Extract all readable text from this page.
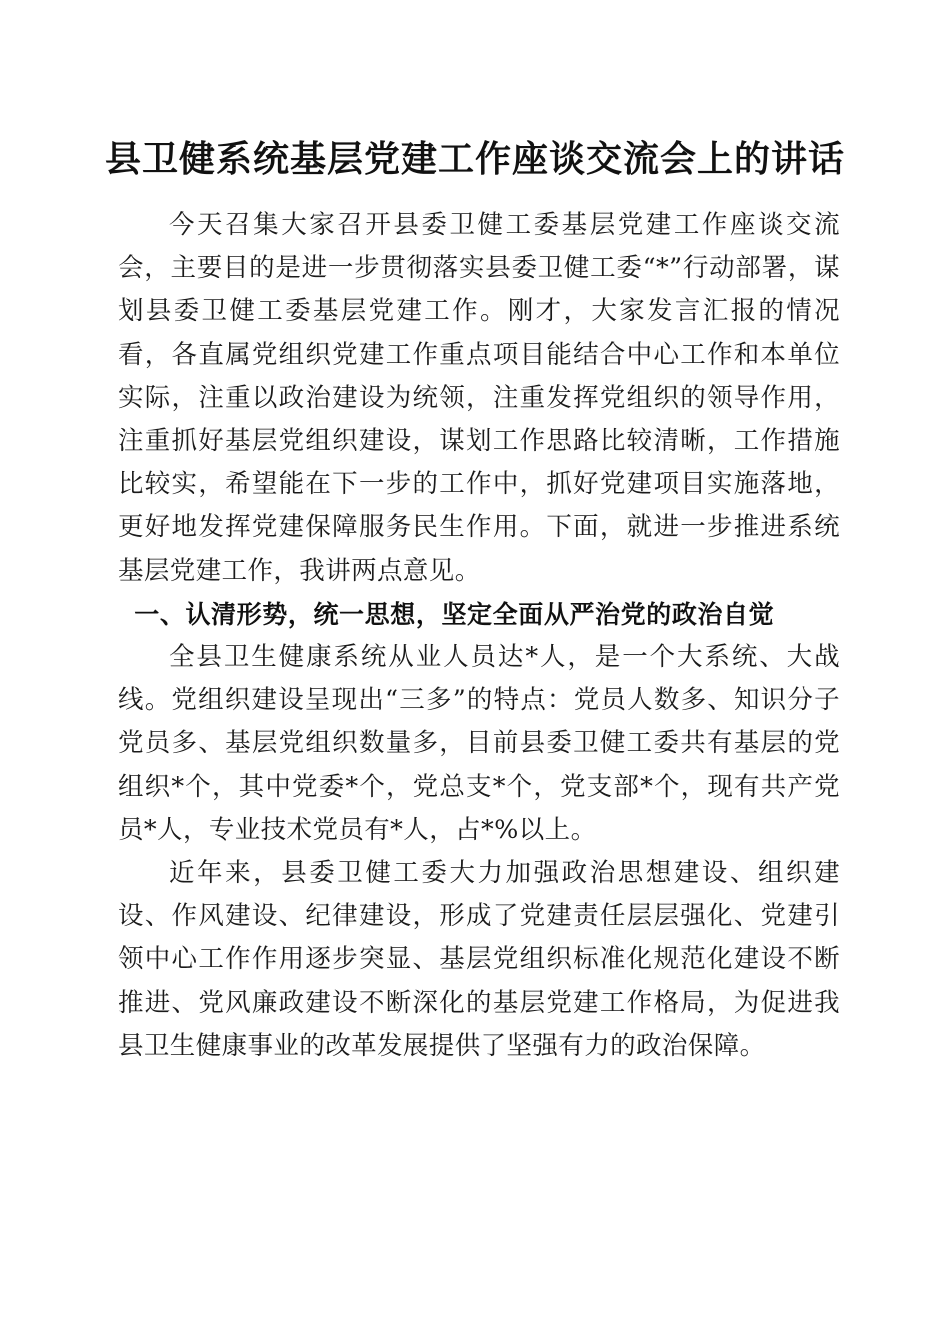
县卫健系统基层党建工作座谈交流会上的讲话

今天召集大家召开县委卫健工委基层党建工作座谈交流会，主要目的是进一步贯彻落实县委卫健工委“*”行动部署，谋划县委卫健工委基层党建工作。刚才，大家发言汇报的情况看，各直属党组织党建工作重点项目能结合中心工作和本单位实际，注重以政治建设为统领，注重发挥党组织的领导作用，注重抓好基层党组织建设，谋划工作思路比较清晰，工作措施比较实，希望能在下一步的工作中，抓好党建项目实施落地，更好地发挥党建保障服务民生作用。下面，就进一步推进系统基层党建工作，我讲两点意见。

一、认清形势，统一思想，坚定全面从严治党的政治自觉

全县卫生健康系统从业人员达*人，是一个大系统、大战线。党组织建设呈现出“三多”的特点：党员人数多、知识分子党员多、基层党组织数量多，目前县委卫健工委共有基层的党组织*个，其中党委*个，党总支*个，党支部*个，现有共产党员*人，专业技术党员有*人，占*%以上。

近年来，县委卫健工委大力加强政治思想建设、组织建设、作风建设、纪律建设，形成了党建责任层层强化、党建引领中心工作作用逐步突显、基层党组织标准化规范化建设不断推进、党风廉政建设不断深化的基层党建工作格局，为促进我县卫生健康事业的改革发展提供了坚强有力的政治保障。
